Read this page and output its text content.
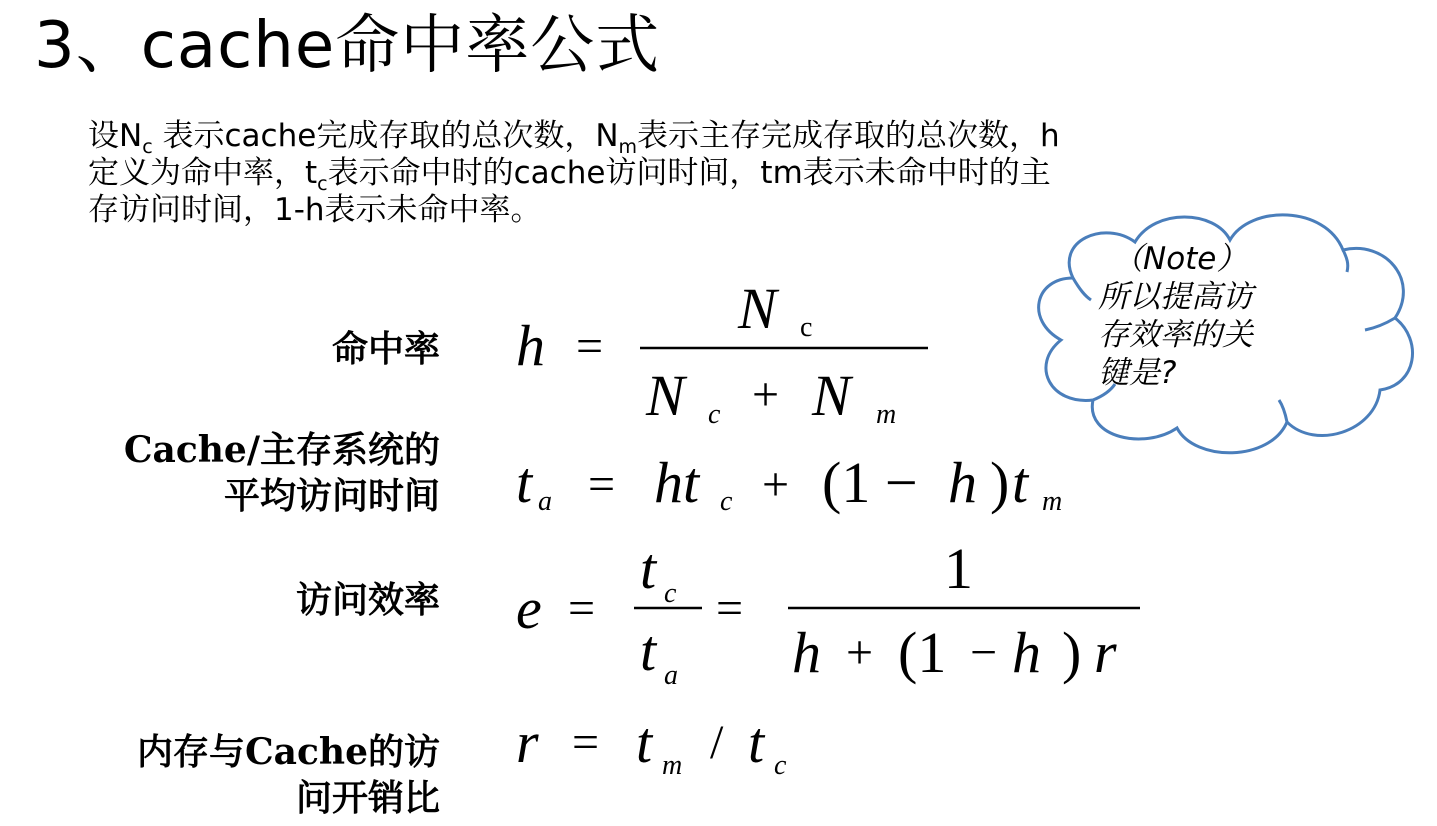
3、cache命中率公式
设$N_c$ 表示cache完成存取的总次数，$N_m$表示主存完成存取的总次数，h
定义为命中率，$t_c$表示命中时的cache访问时间，tm表示未命中时的主
存访问时间，1-h表示未命中率。
命中率
Cache/主存系统的
平均访问时间
访问效率
内存与Cache的访
问开销比
h =
N c
N c + N m
t a = ht c + (1 − h ) t m
e =
t c
t a
=
1
h + (1 − h ) r
r = t m / t c
（Note）
所以提高访
存效率的关
键是?
